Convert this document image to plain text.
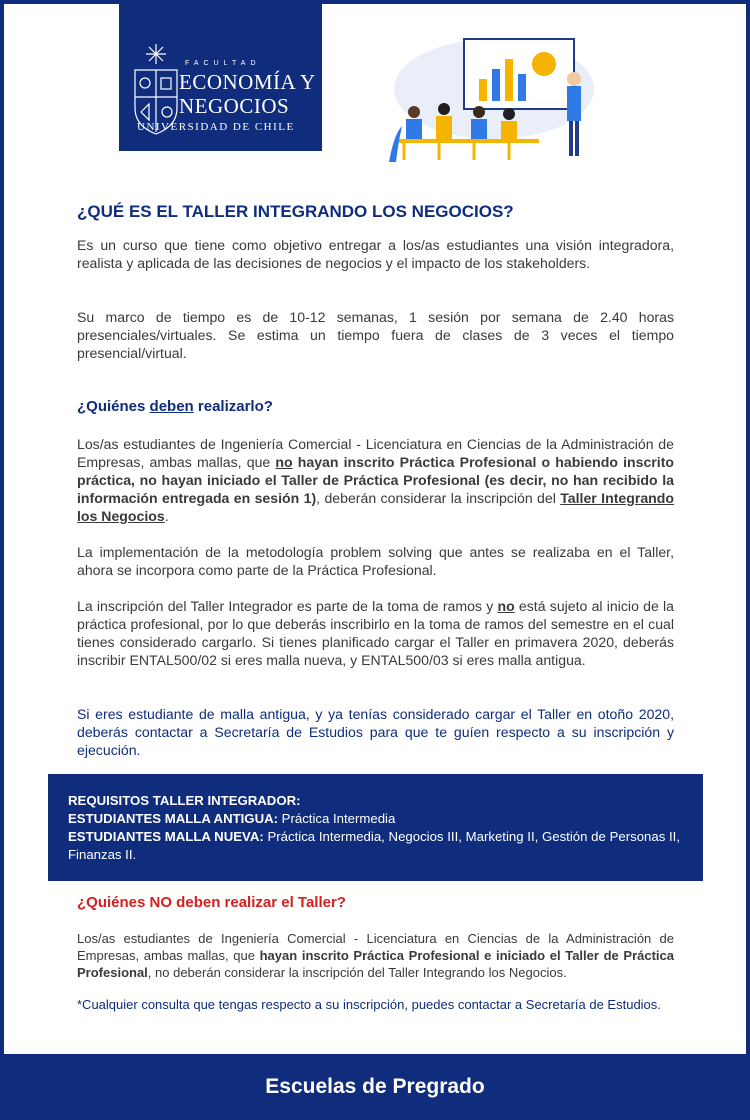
FACULTAD
ECONOMÍA Y
NEGOCIOS
UNIVERSIDAD DE CHILE
¿QUÉ ES EL TALLER INTEGRANDO LOS NEGOCIOS?
Es un curso que tiene como objetivo entregar a los/as estudiantes una visión integradora, realista y aplicada de las decisiones de negocios y el impacto de los stakeholders.
Su marco de tiempo es de 10-12 semanas, 1 sesión por semana de 2.40 horas presenciales/virtuales. Se estima un tiempo fuera de clases de 3 veces el tiempo presencial/virtual.
¿Quiénes deben realizarlo?
Los/as estudiantes de Ingeniería Comercial - Licenciatura en Ciencias de la Administración de Empresas, ambas mallas, que no hayan inscrito Práctica Profesional o habiendo inscrito práctica, no hayan iniciado el Taller de Práctica Profesional (es decir, no han recibido la información entregada en sesión 1), deberán considerar la inscripción del Taller Integrando los Negocios.
La implementación de la metodología problem solving que antes se realizaba en el Taller, ahora se incorpora como parte de la Práctica Profesional.
La inscripción del Taller Integrador es parte de la toma de ramos y no está sujeto al inicio de la práctica profesional, por lo que deberás inscribirlo en la toma de ramos del semestre en el cual tienes considerado cargarlo. Si tienes planificado cargar el Taller en primavera 2020, deberás inscribir ENTAL500/02 si eres malla nueva, y ENTAL500/03 si eres malla antigua.
Si eres estudiante de malla antigua, y ya tenías considerado cargar el Taller en otoño 2020, deberás contactar a Secretaría de Estudios para que te guíen respecto a su inscripción y ejecución.
REQUISITOS TALLER INTEGRADOR:
ESTUDIANTES MALLA ANTIGUA: Práctica Intermedia
ESTUDIANTES MALLA NUEVA: Práctica Intermedia, Negocios III, Marketing II, Gestión de Personas II, Finanzas II.
¿Quiénes NO deben realizar el Taller?
Los/as estudiantes de Ingeniería Comercial - Licenciatura en Ciencias de la Administración de Empresas, ambas mallas, que hayan inscrito Práctica Profesional e iniciado el Taller de Práctica Profesional, no deberán considerar la inscripción del Taller Integrando los Negocios.
*Cualquier consulta que tengas respecto a su inscripción, puedes contactar a Secretaría de Estudios.
Escuelas de Pregrado
